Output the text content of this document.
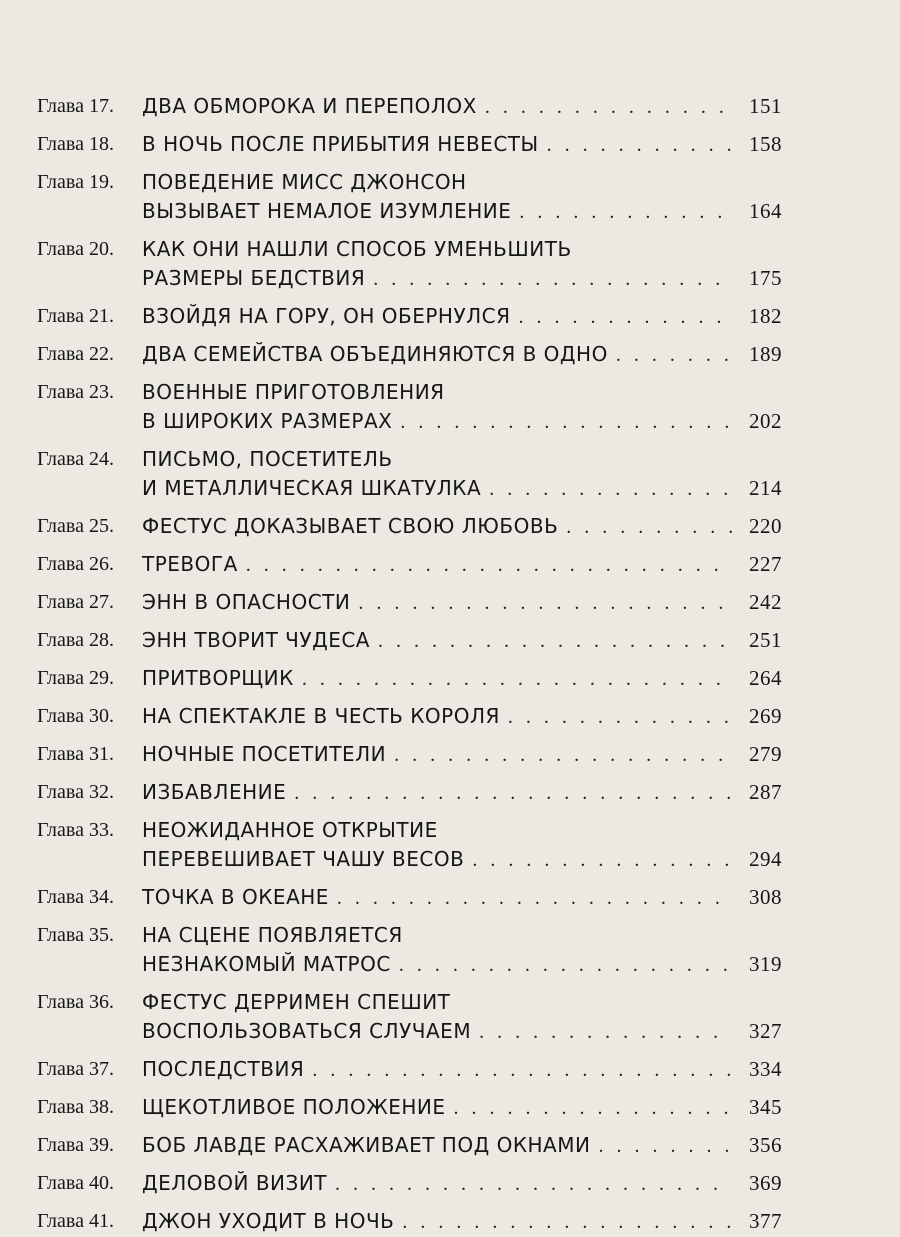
Глава 17.	ДВА ОБМОРОКА И ПЕРЕПОЛОХ . . .	151
Глава 18.	В НОЧЬ ПОСЛЕ ПРИБЫТИЯ НЕВЕСТЫ . . .	158
Глава 19.	ПОВЕДЕНИЕ МИСС ДЖОНСОН
ВЫЗЫВАЕТ НЕМАЛОЕ ИЗУМЛЕНИЕ . . .	164
Глава 20.	КАК ОНИ НАШЛИ СПОСОБ УМЕНЬШИТЬ
РАЗМЕРЫ БЕДСТВИЯ . . .	175
Глава 21.	ВЗОЙДЯ НА ГОРУ, ОН ОБЕРНУЛСЯ . . .	182
Глава 22.	ДВА СЕМЕЙСТВА ОБЪЕДИНЯЮТСЯ В ОДНО . . .	189
Глава 23.	ВОЕННЫЕ ПРИГОТОВЛЕНИЯ
В ШИРОКИХ РАЗМЕРАХ . . .	202
Глава 24.	ПИСЬМО, ПОСЕТИТЕЛЬ
И МЕТАЛЛИЧЕСКАЯ ШКАТУЛКА . . .	214
Глава 25.	ФЕСТУС ДОКАЗЫВАЕТ СВОЮ ЛЮБОВЬ . . .	220
Глава 26.	ТРЕВОГА . . .	227
Глава 27.	ЭНН В ОПАСНОСТИ . . .	242
Глава 28.	ЭНН ТВОРИТ ЧУДЕСА . . .	251
Глава 29.	ПРИТВОРЩИК . . .	264
Глава 30.	НА СПЕКТАКЛЕ В ЧЕСТЬ КОРОЛЯ . . .	269
Глава 31.	НОЧНЫЕ ПОСЕТИТЕЛИ . . .	279
Глава 32.	ИЗБАВЛЕНИЕ . . .	287
Глава 33.	НЕОЖИДАННОЕ ОТКРЫТИЕ
ПЕРЕВЕШИВАЕТ ЧАШУ ВЕСОВ . . .	294
Глава 34.	ТОЧКА В ОКЕАНЕ . . .	308
Глава 35.	НА СЦЕНЕ ПОЯВЛЯЕТСЯ
НЕЗНАКОМЫЙ МАТРОС . . .	319
Глава 36.	ФЕСТУС ДЕРРИМЕН СПЕШИТ
ВОСПОЛЬЗОВАТЬСЯ СЛУЧАЕМ . . .	327
Глава 37.	ПОСЛЕДСТВИЯ . . .	334
Глава 38.	ЩЕКОТЛИВОЕ ПОЛОЖЕНИЕ . . .	345
Глава 39.	БОБ ЛАВДЕ РАСХАЖИВАЕТ ПОД ОКНАМИ . . .	356
Глава 40.	ДЕЛОВОЙ ВИЗИТ . . .	369
Глава 41.	ДЖОН УХОДИТ В НОЧЬ . . .	377
